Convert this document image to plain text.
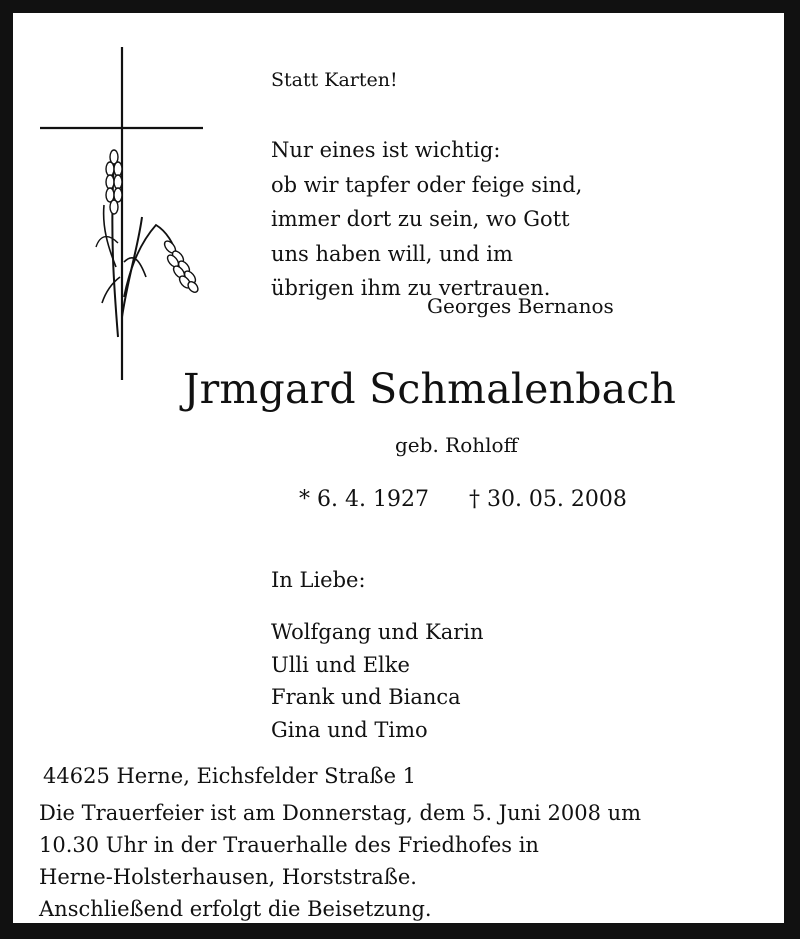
Statt Karten!

Nur eines ist wichtig:
ob wir tapfer oder feige sind,
immer dort zu sein, wo Gott
uns haben will, und im
übrigen ihm zu vertrauen.

Georges Bernanos

Jrmgard Schmalenbach

geb. Rohloff

* 6. 4. 1927 † 30. 05. 2008

In Liebe:

Wolfgang und Karin
Ulli und Elke
Frank und Bianca
Gina und Timo

44625 Herne, Eichsfelder Straße 1

Die Trauerfeier ist am Donnerstag, dem 5. Juni 2008 um
10.30 Uhr in der Trauerhalle des Friedhofes in
Herne-Holsterhausen, Horststraße.
Anschließend erfolgt die Beisetzung.
